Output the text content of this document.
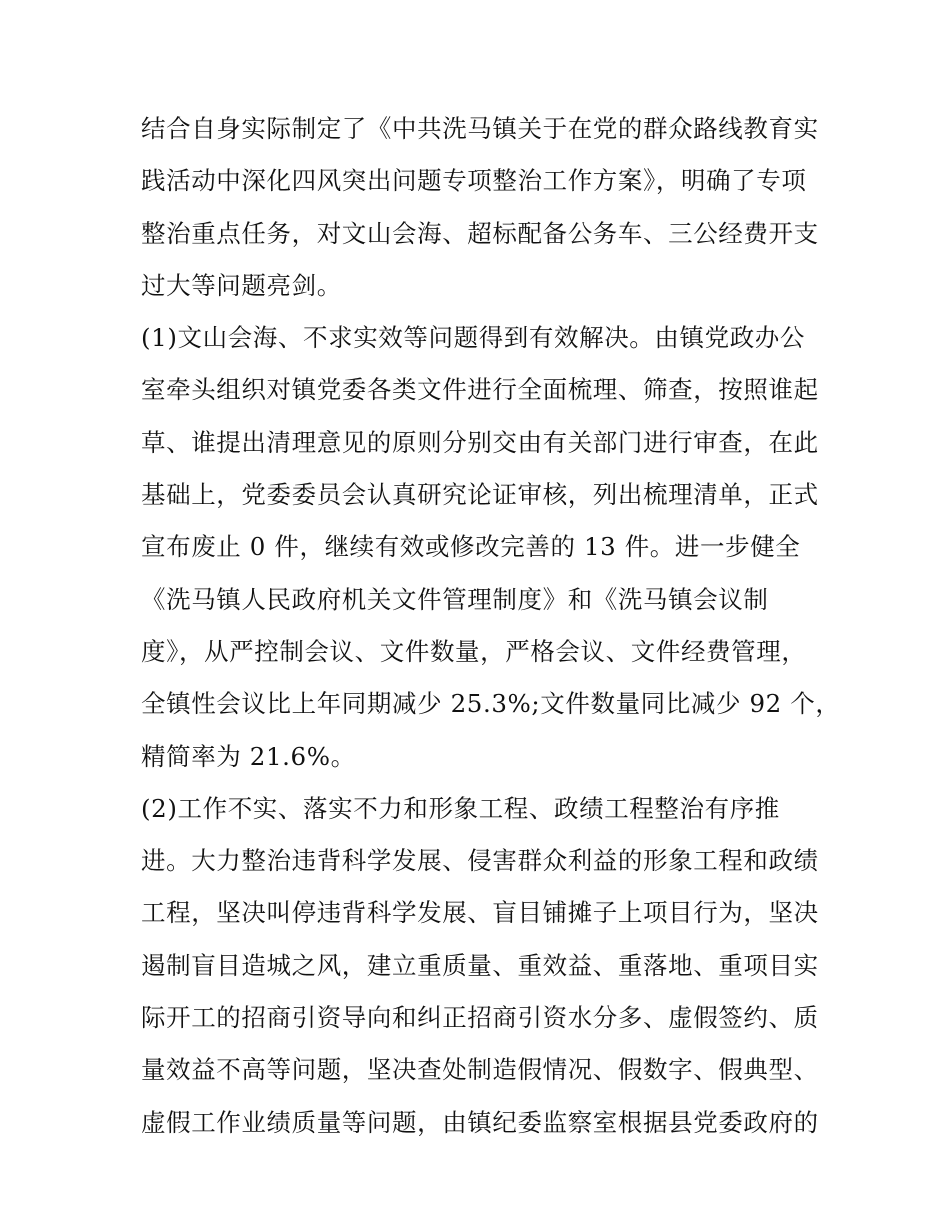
结合自身实际制定了《中共洗马镇关于在党的群众路线教育实
践活动中深化四风突出问题专项整治工作方案》，明确了专项
整治重点任务，对文山会海、超标配备公务车、三公经费开支
过大等问题亮剑。
(1)文山会海、不求实效等问题得到有效解决。由镇党政办公
室牵头组织对镇党委各类文件进行全面梳理、筛查，按照谁起
草、谁提出清理意见的原则分别交由有关部门进行审查，在此
基础上，党委委员会认真研究论证审核，列出梳理清单，正式
宣布废止 0 件，继续有效或修改完善的 13 件。进一步健全
《洗马镇人民政府机关文件管理制度》和《洗马镇会议制
度》，从严控制会议、文件数量，严格会议、文件经费管理，
全镇性会议比上年同期减少 25.3%;文件数量同比减少 92 个，
精简率为 21.6%。
(2)工作不实、落实不力和形象工程、政绩工程整治有序推
进。大力整治违背科学发展、侵害群众利益的形象工程和政绩
工程，坚决叫停违背科学发展、盲目铺摊子上项目行为，坚决
遏制盲目造城之风，建立重质量、重效益、重落地、重项目实
际开工的招商引资导向和纠正招商引资水分多、虚假签约、质
量效益不高等问题，坚决查处制造假情况、假数字、假典型、
虚假工作业绩质量等问题，由镇纪委监察室根据县党委政府的
